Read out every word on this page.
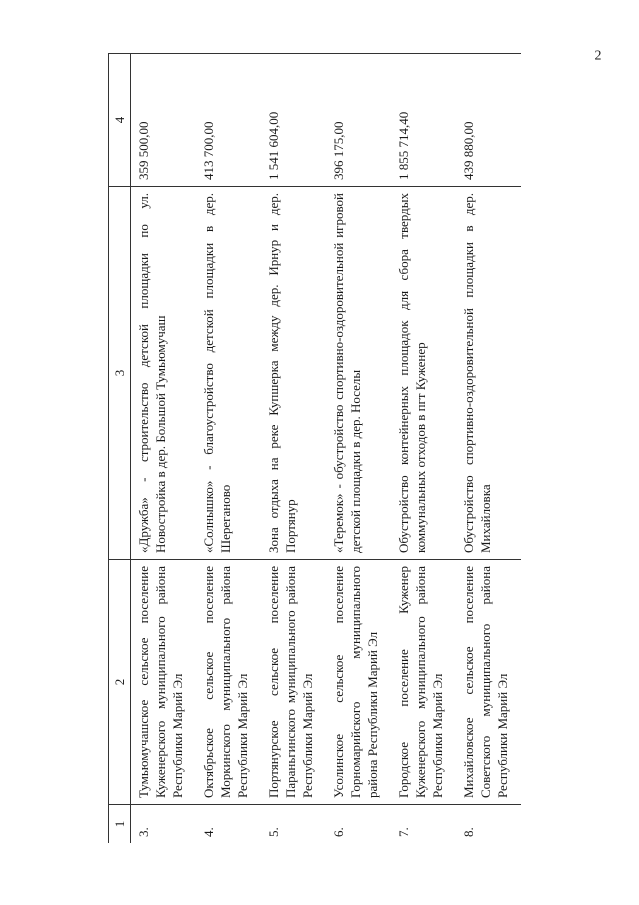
2
1	2	3	4
3.	Тумьюмучашское сельское поселение Куженерского муниципального района Республики Марий Эл	«Дружба» - строительство детской площадки по ул. Новостройка в дер. Большой Тумьюмучаш	359 500,00
4.	Октябрьское сельское поселение Моркинского муниципального района Республики Марий Эл	«Солнышко» - благоустройство детской площадки в дер. Шереганово	413 700,00
5.	Портянурское сельское поселение Параньгинского муниципального района Республики Марий Эл	Зона отдыха на реке Купшерка между дер. Ирнур и дер. Портянур	1 541 604,00
6.	Усолинское сельское поселение Горномарийского муниципального района Республики Марий Эл	«Теремок» - обустройство спортивно-оздоровительной игровой детской площадки в дер. Носелы	396 175,00
7.	Городское поселение Куженер Куженерского муниципального района Республики Марий Эл	Обустройство контейнерных площадок для сбора твердых коммунальных отходов в пгт Куженер	1 855 714,40
8.	Михайловское сельское поселение Советского муниципального района Республики Марий Эл	Обустройство спортивно-оздоровительной площадки в дер. Михайловка	439 880,00
